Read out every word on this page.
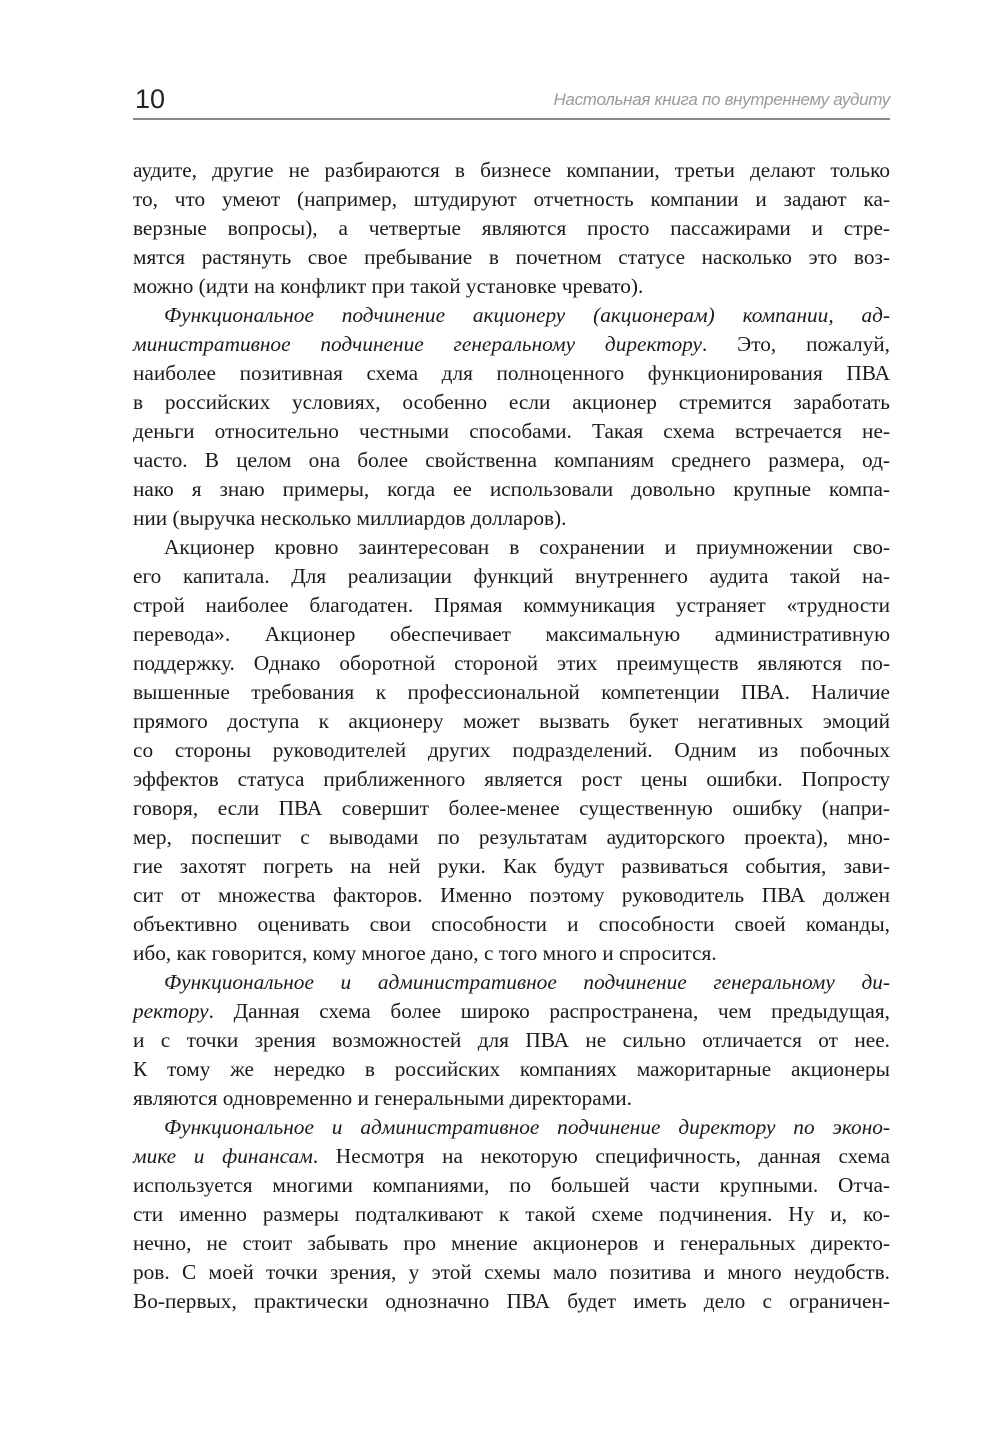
10	Настольная книга по внутреннему аудиту
аудите, другие не разбираются в бизнесе компании, третьи делают только
то, что умеют (например, штудируют отчетность компании и задают ка-
верзные вопросы), а четвертые являются просто пассажирами и стре-
мятся растянуть свое пребывание в почетном статусе насколько это воз-
можно (идти на конфликт при такой установке чревато).
Функциональное подчинение акционеру (акционерам) компании, ад-
министративное подчинение генеральному директору. Это, пожалуй,
наиболее позитивная схема для полноценного функционирования ПВА
в российских условиях, особенно если акционер стремится заработать
деньги относительно честными способами. Такая схема встречается не-
часто. В целом она более свойственна компаниям среднего размера, од-
нако я знаю примеры, когда ее использовали довольно крупные компа-
нии (выручка несколько миллиардов долларов).
Акционер кровно заинтересован в сохранении и приумножении сво-
его капитала. Для реализации функций внутреннего аудита такой на-
строй наиболее благодатен. Прямая коммуникация устраняет «трудности
перевода». Акционер обеспечивает максимальную административную
поддержку. Однако оборотной стороной этих преимуществ являются по-
вышенные требования к профессиональной компетенции ПВА. Наличие
прямого доступа к акционеру может вызвать букет негативных эмоций
со стороны руководителей других подразделений. Одним из побочных
эффектов статуса приближенного является рост цены ошибки. Попросту
говоря, если ПВА совершит более-менее существенную ошибку (напри-
мер, поспешит с выводами по результатам аудиторского проекта), мно-
гие захотят погреть на ней руки. Как будут развиваться события, зави-
сит от множества факторов. Именно поэтому руководитель ПВА должен
объективно оценивать свои способности и способности своей команды,
ибо, как говорится, кому многое дано, с того много и спросится.
Функциональное и административное подчинение генеральному ди-
ректору. Данная схема более широко распространена, чем предыдущая,
и с точки зрения возможностей для ПВА не сильно отличается от нее.
К тому же нередко в российских компаниях мажоритарные акционеры
являются одновременно и генеральными директорами.
Функциональное и административное подчинение директору по эконо-
мике и финансам. Несмотря на некоторую специфичность, данная схема
используется многими компаниями, по большей части крупными. Отча-
сти именно размеры подталкивают к такой схеме подчинения. Ну и, ко-
нечно, не стоит забывать про мнение акционеров и генеральных директо-
ров. С моей точки зрения, у этой схемы мало позитива и много неудобств.
Во-первых, практически однозначно ПВА будет иметь дело с ограничен-
